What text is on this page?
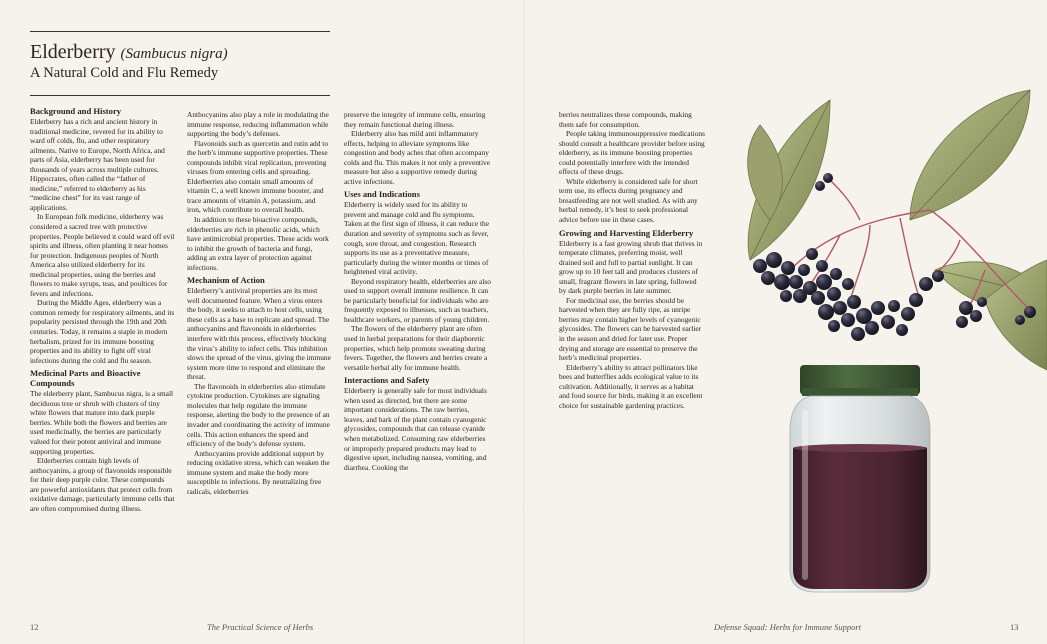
Elderberry (Sambucus nigra)
A Natural Cold and Flu Remedy
Background and History

Elderberry has a rich and ancient history in traditional medicine, revered for its ability to ward off colds, flu, and other respiratory ailments. Native to Europe, North Africa, and parts of Asia, elderberry has been used for thousands of years across multiple cultures. Hippocrates, often called the “father of medicine,” referred to elderberry as his “medicine chest” for its vast range of applications.

In European folk medicine, elderberry was considered a sacred tree with protective properties. People believed it could ward off evil spirits and illness, often planting it near homes for protection. Indigenous peoples of North America also utilized elderberry for its medicinal properties, using the berries and flowers to make syrups, teas, and poultices for fevers and infections.

During the Middle Ages, elderberry was a common remedy for respiratory ailments, and its popularity persisted through the 19th and 20th centuries. Today, it remains a staple in modern herbalism, prized for its immune boosting properties and its ability to fight off viral infections during the cold and flu season.

Medicinal Parts and Bioactive Compounds

The elderberry plant, Sambucus nigra, is a small deciduous tree or shrub with clusters of tiny white flowers that mature into dark purple berries. While both the flowers and berries are used medicinally, the berries are particularly valued for their potent antiviral and immune supporting properties.

Elderberries contain high levels of anthocyanins, a group of flavonoids responsible for their deep purple color. These compounds are powerful antioxidants that protect cells from oxidative damage, particularly immune cells that are often compromised during illness.

Anthocyanins also play a role in modulating the immune response, reducing inflammation while supporting the body’s defenses.

Flavonoids such as quercetin and rutin add to the herb’s immune supportive properties. These compounds inhibit viral replication, preventing viruses from entering cells and spreading. Elderberries also contain small amounts of vitamin C, a well known immune booster, and trace amounts of vitamin A, potassium, and iron, which contribute to overall health.

In addition to these bioactive compounds, elderberries are rich in phenolic acids, which have antimicrobial properties. These acids work to inhibit the growth of bacteria and fungi, adding an extra layer of protection against infections.

Mechanism of Action

Elderberry’s antiviral properties are its most well documented feature. When a virus enters the body, it seeks to attach to host cells, using these cells as a base to replicate and spread. The anthocyanins and flavonoids in elderberries interfere with this process, effectively blocking the virus’s ability to infect cells. This inhibition slows the spread of the virus, giving the immune system more time to respond and eliminate the threat.

The flavonoids in elderberries also stimulate cytokine production. Cytokines are signaling molecules that help regulate the immune response, alerting the body to the presence of an invader and coordinating the activity of immune cells. This action enhances the speed and efficiency of the body’s defense system.

Anthocyanins provide additional support by reducing oxidative stress, which can weaken the immune system and make the body more susceptible to infections. By neutralizing free radicals, elderberries

preserve the integrity of immune cells, ensuring they remain functional during illness.

Elderberry also has mild anti inflammatory effects, helping to alleviate symptoms like congestion and body aches that often accompany colds and flu. This makes it not only a preventive measure but also a supportive remedy during active infections.

Uses and Indications

Elderberry is widely used for its ability to prevent and manage cold and flu symptoms. Taken at the first sign of illness, it can reduce the duration and severity of symptoms such as fever, cough, sore throat, and congestion. Research supports its use as a preventative measure, particularly during the winter months or times of heightened viral activity.

Beyond respiratory health, elderberries are also used to support overall immune resilience. It can be particularly beneficial for individuals who are frequently exposed to illnesses, such as teachers, healthcare workers, or parents of young children.

The flowers of the elderberry plant are often used in herbal preparations for their diaphoretic properties, which help promote sweating during fevers. Together, the flowers and berries create a versatile herbal ally for immune health.

Interactions and Safety

Elderberry is generally safe for most individuals when used as directed, but there are some important considerations. The raw berries, leaves, and bark of the plant contain cyanogenic glycosides, compounds that can release cyanide when metabolized. Consuming raw elderberries or improperly prepared products may lead to digestive upset, including nausea, vomiting, and diarrhea. Cooking the

berries neutralizes these compounds, making them safe for consumption.

People taking immunosuppressive medications should consult a healthcare provider before using elderberry, as its immune boosting properties could potentially interfere with the intended effects of these drugs.

While elderberry is considered safe for short term use, its effects during pregnancy and breastfeeding are not well studied. As with any herbal remedy, it’s best to seek professional advice before use in these cases.

Growing and Harvesting Elderberry

Elderberry is a fast growing shrub that thrives in temperate climates, preferring moist, well drained soil and full to partial sunlight. It can grow up to 10 feet tall and produces clusters of small, fragrant flowers in late spring, followed by dark purple berries in late summer.

For medicinal use, the berries should be harvested when they are fully ripe, as unripe berries may contain higher levels of cyanogenic glycosides. The flowers can be harvested earlier in the season and dried for later use. Proper drying and storage are essential to preserve the herb’s medicinal properties.

Elderberry’s ability to attract pollinators like bees and butterflies adds ecological value to its cultivation. Additionally, it serves as a habitat and food source for birds, making it an excellent choice for sustainable gardening practices.

12	The Practical Science of Herbs	Defense Squad: Herbs for Immune Support	13
